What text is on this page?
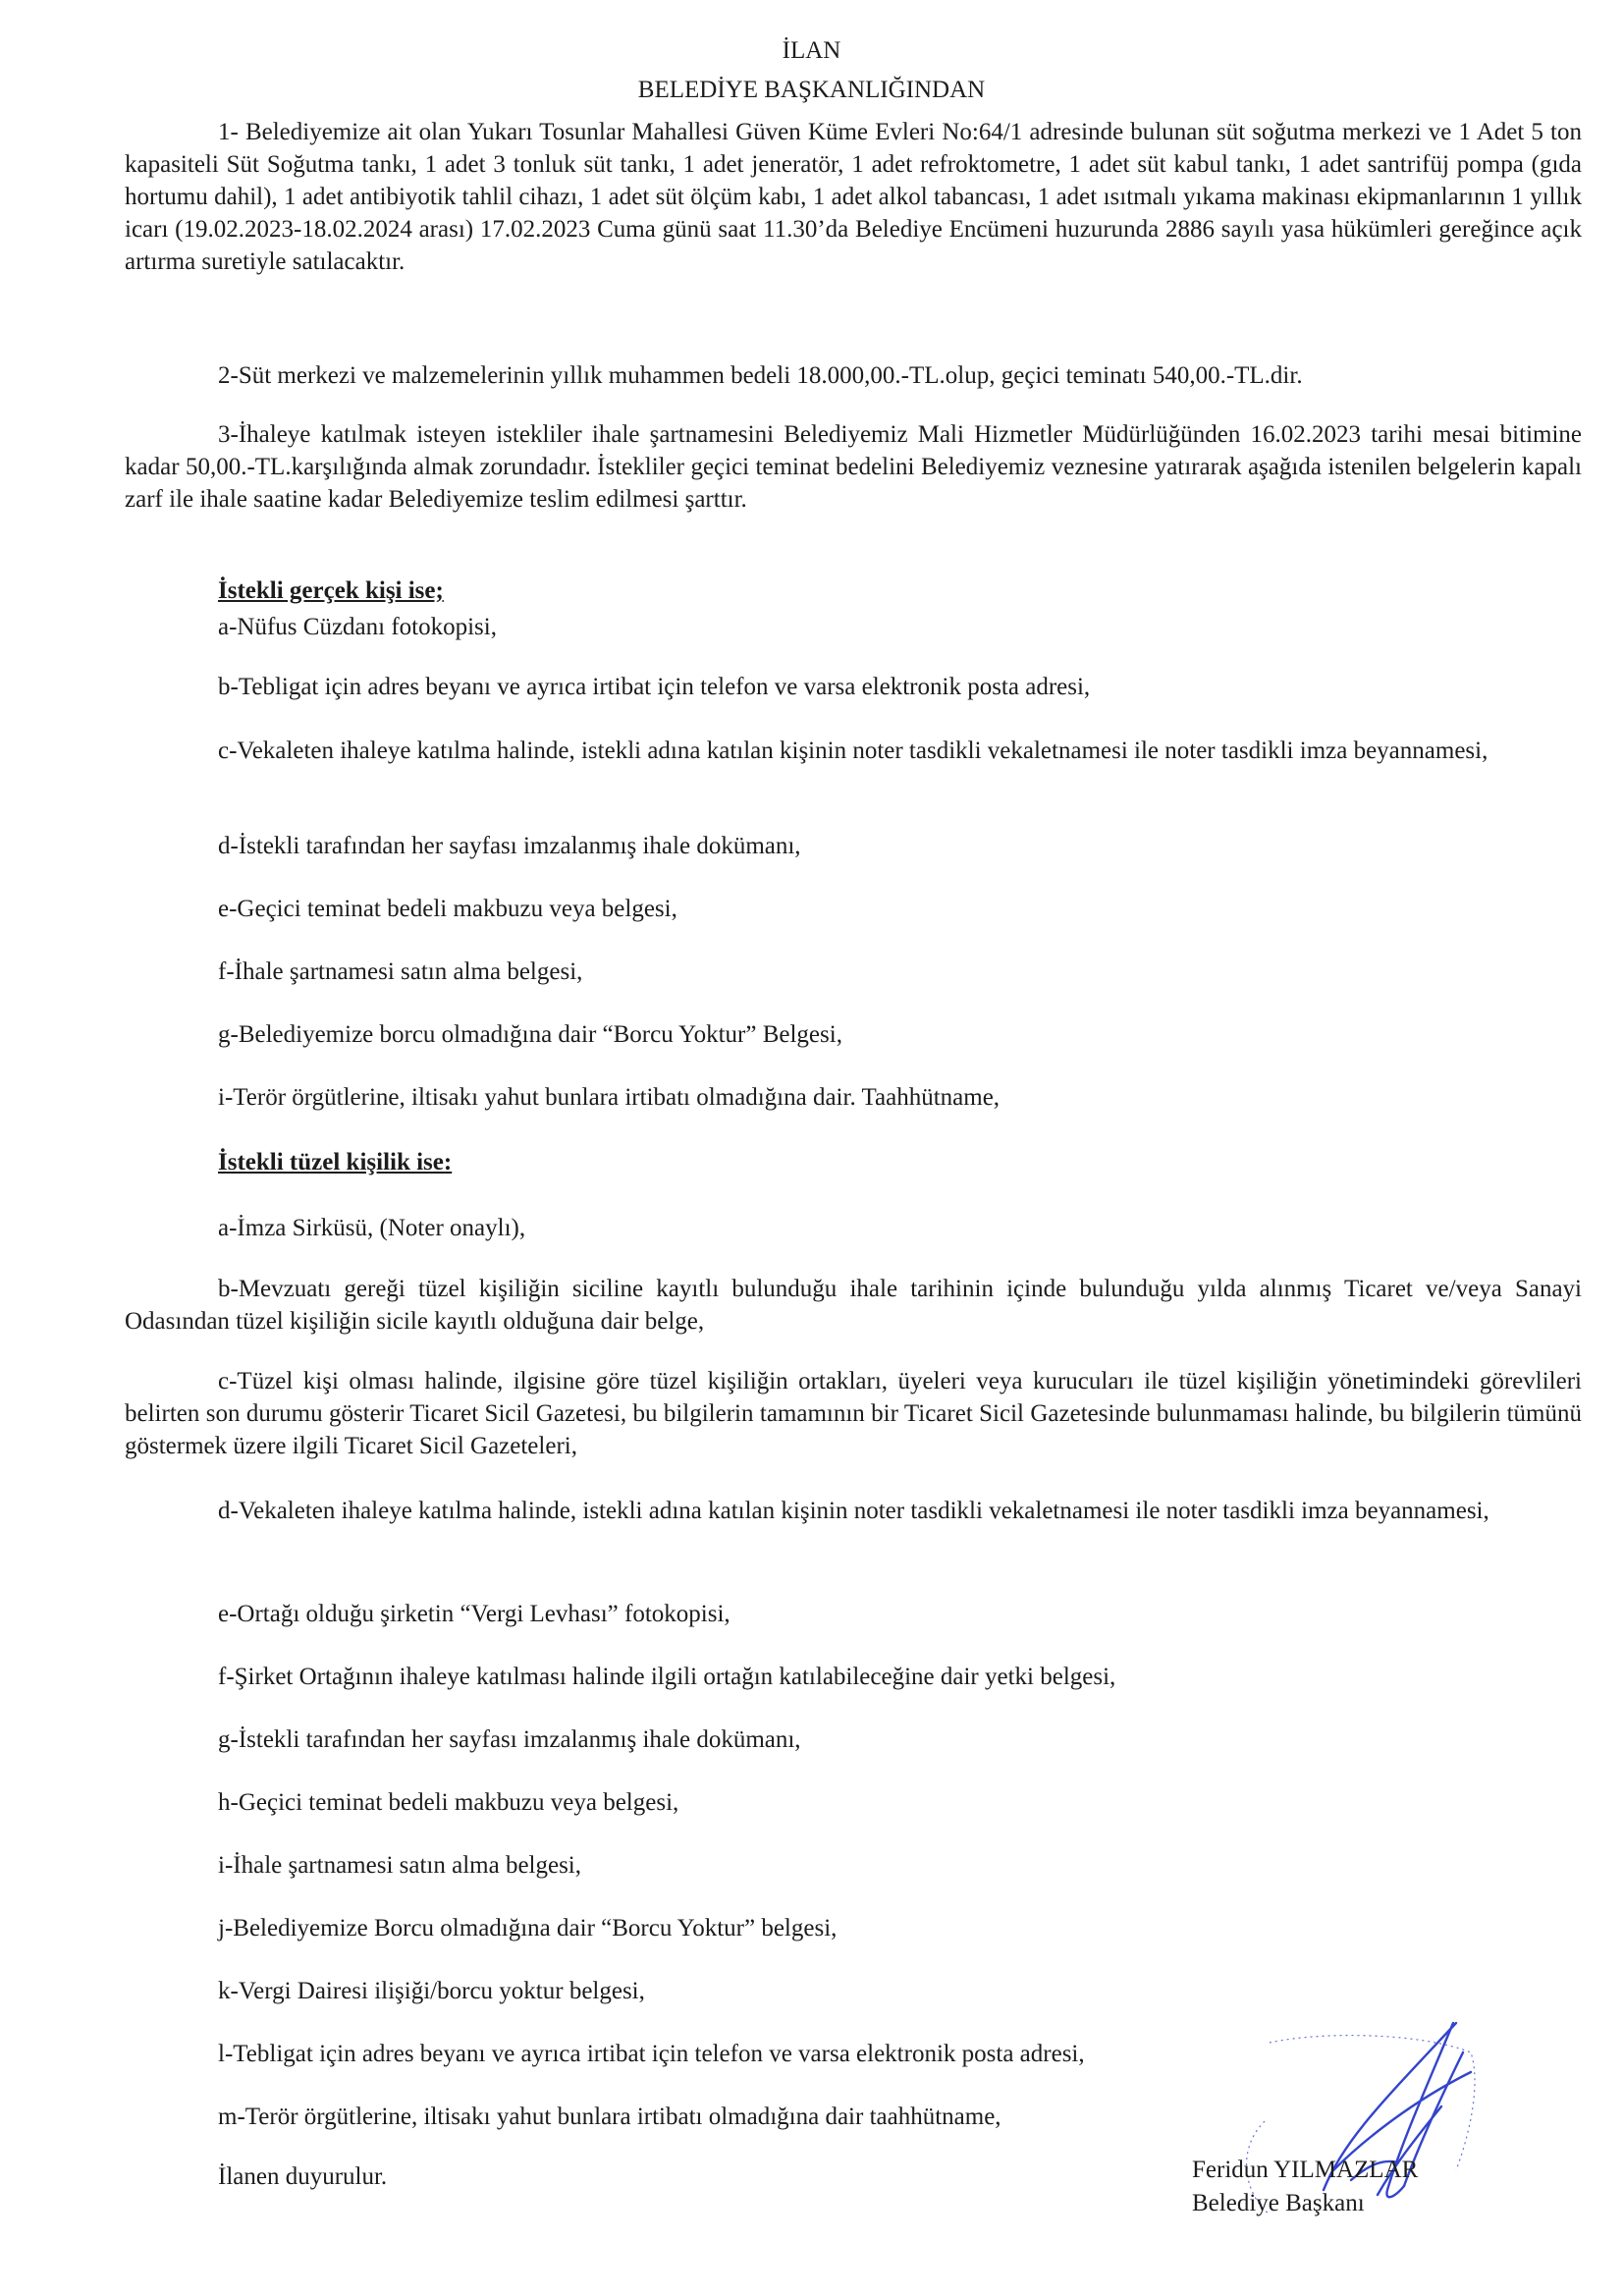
İLAN
BELEDİYE BAŞKANLIĞINDAN
1- Belediyemize ait olan Yukarı Tosunlar Mahallesi Güven Küme Evleri No:64/1 adresinde bulunan süt soğutma merkezi ve 1 Adet 5 ton kapasiteli Süt Soğutma tankı, 1 adet 3 tonluk süt tankı, 1 adet jeneratör, 1 adet refroktometre, 1 adet süt kabul tankı, 1 adet santrifüj pompa (gıda hortumu dahil), 1 adet antibiyotik tahlil cihazı, 1 adet süt ölçüm kabı, 1 adet alkol tabancası, 1 adet ısıtmalı yıkama makinası ekipmanlarının 1 yıllık icarı (19.02.2023-18.02.2024 arası) 17.02.2023 Cuma günü saat 11.30’da Belediye Encümeni huzurunda 2886 sayılı yasa hükümleri gereğince açık artırma suretiyle satılacaktır.
2-Süt merkezi ve malzemelerinin yıllık muhammen bedeli 18.000,00.-TL.olup, geçici teminatı 540,00.-TL.dir.
3-İhaleye katılmak isteyen istekliler ihale şartnamesini Belediyemiz Mali Hizmetler Müdürlüğünden 16.02.2023 tarihi mesai bitimine kadar 50,00.-TL.karşılığında almak zorundadır. İstekliler geçici teminat bedelini Belediyemiz veznesine yatırarak aşağıda istenilen belgelerin kapalı zarf ile ihale saatine kadar Belediyemize teslim edilmesi şarttır.
İstekli gerçek kişi ise;
a-Nüfus Cüzdanı fotokopisi,
b-Tebligat için adres beyanı ve ayrıca irtibat için telefon ve varsa elektronik posta adresi,
c-Vekaleten ihaleye katılma halinde, istekli adına katılan kişinin noter tasdikli vekaletnamesi ile noter tasdikli imza beyannamesi,
d-İstekli tarafından her sayfası imzalanmış ihale dokümanı,
e-Geçici teminat bedeli makbuzu veya belgesi,
f-İhale şartnamesi satın alma belgesi,
g-Belediyemize borcu olmadığına dair “Borcu Yoktur” Belgesi,
i-Terör örgütlerine, iltisakı yahut bunlara irtibatı olmadığına dair. Taahhütname,
İstekli tüzel kişilik ise:
a-İmza Sirküsü, (Noter onaylı),
b-Mevzuatı gereği tüzel kişiliğin siciline kayıtlı bulunduğu ihale tarihinin içinde bulunduğu yılda alınmış Ticaret ve/veya Sanayi Odasından tüzel kişiliğin sicile kayıtlı olduğuna dair belge,
c-Tüzel kişi olması halinde, ilgisine göre tüzel kişiliğin ortakları, üyeleri veya kurucuları ile tüzel kişiliğin yönetimindeki görevlileri belirten son durumu gösterir Ticaret Sicil Gazetesi, bu bilgilerin tamamının bir Ticaret Sicil Gazetesinde bulunmaması halinde, bu bilgilerin tümünü göstermek üzere ilgili Ticaret Sicil Gazeteleri,
d-Vekaleten ihaleye katılma halinde, istekli adına katılan kişinin noter tasdikli vekaletnamesi ile noter tasdikli imza beyannamesi,
e-Ortağı olduğu şirketin “Vergi Levhası” fotokopisi,
f-Şirket Ortağının ihaleye katılması halinde ilgili ortağın katılabileceğine dair yetki belgesi,
g-İstekli tarafından her sayfası imzalanmış ihale dokümanı,
h-Geçici teminat bedeli makbuzu veya belgesi,
i-İhale şartnamesi satın alma belgesi,
j-Belediyemize Borcu olmadığına dair “Borcu Yoktur” belgesi,
k-Vergi Dairesi ilişiği/borcu yoktur belgesi,
l-Tebligat için adres beyanı ve ayrıca irtibat için telefon ve varsa elektronik posta adresi,
m-Terör örgütlerine, iltisakı yahut bunlara irtibatı olmadığına dair taahhütname,
İlanen duyurulur.	Feridun YILMAZLAR
Belediye Başkanı
